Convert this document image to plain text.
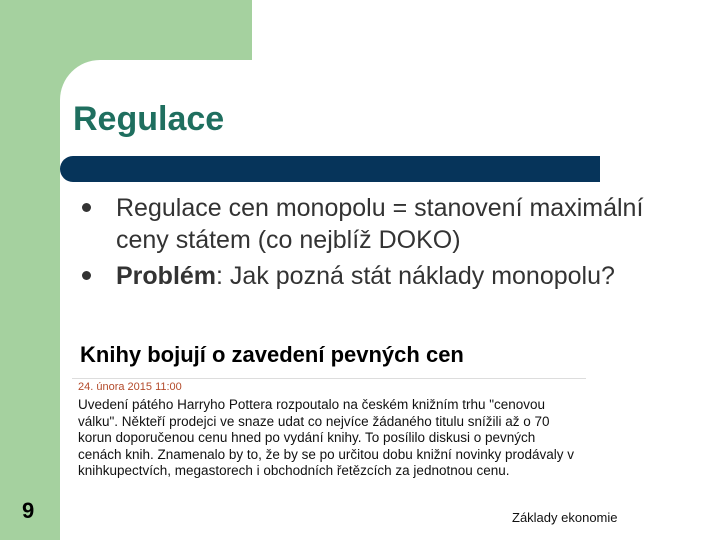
Regulace
Regulace cen monopolu = stanovení maximální ceny státem (co nejblíž DOKO)
Problém: Jak pozná stát náklady monopolu?
Knihy bojují o zavedení pevných cen
24. února 2015 11:00
Uvedení pátého Harryho Pottera rozpoutalo na českém knižním trhu "cenovou válku". Někteří prodejci ve snaze udat co nejvíce žádaného titulu snížili až o 70 korun doporučenou cenu hned po vydání knihy. To posílilo diskusi o pevných cenách knih. Znamenalo by to, že by se po určitou dobu knižní novinky prodávaly v knihkupectvích, megastorech i obchodních řetězcích za jednotnou cenu.
9	Základy ekonomie
